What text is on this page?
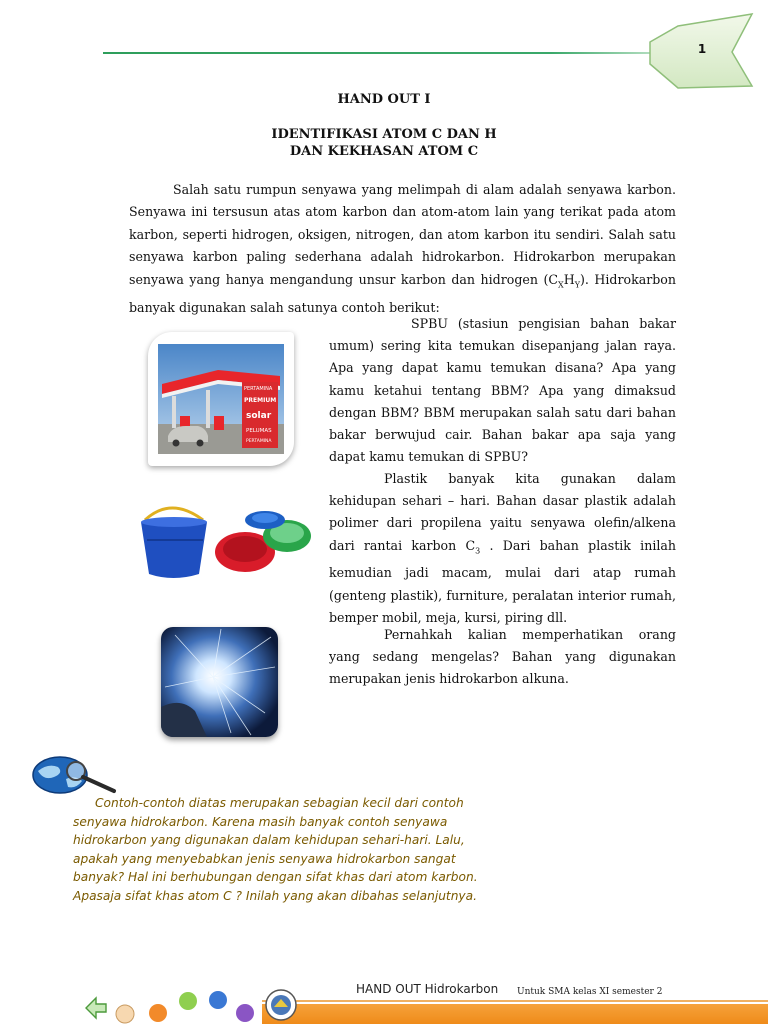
1
HAND OUT I
IDENTIFIKASI ATOM C DAN H
DAN KEKHASAN ATOM C

Salah satu rumpun senyawa yang melimpah di alam adalah senyawa karbon. Senyawa ini tersusun atas atom karbon dan atom-atom lain yang terikat pada atom karbon, seperti hidrogen, oksigen, nitrogen, dan atom karbon itu sendiri. Salah satu senyawa karbon paling sederhana adalah hidrokarbon. Hidrokarbon merupakan senyawa yang hanya mengandung unsur karbon dan hidrogen $(C_XH_Y)$. Hidrokarbon banyak digunakan salah satunya contoh berikut:

PERTAMINA
PREMIUM
solar
PELUMAS
PERTAMINA

SPBU (stasiun pengisian bahan bakar umum) sering kita temukan disepanjang jalan raya. Apa yang dapat kamu temukan disana? Apa yang kamu ketahui tentang BBM? Apa yang dimaksud dengan BBM? BBM merupakan salah satu dari bahan bakar berwujud cair. Bahan bakar apa saja yang dapat kamu temukan di SPBU?

Plastik banyak kita gunakan dalam kehidupan sehari – hari. Bahan dasar plastik adalah polimer dari propilena yaitu senyawa olefin/alkena dari rantai karbon $C_3$ . Dari bahan plastik inilah kemudian jadi macam, mulai dari atap rumah (genteng plastik), furniture, peralatan interior rumah, bemper mobil, meja, kursi, piring dll.

Pernahkah kalian memperhatikan orang yang sedang mengelas? Bahan yang digunakan merupakan jenis hidrokarbon alkuna.

Contoh-contoh diatas merupakan sebagian kecil dari contoh senyawa hidrokarbon. Karena masih banyak contoh senyawa hidrokarbon yang digunakan dalam kehidupan sehari-hari. Lalu, apakah yang menyebabkan jenis senyawa hidrokarbon sangat banyak? Hal ini berhubungan dengan sifat khas dari atom karbon. Apasaja sifat khas atom C ? Inilah yang akan dibahas selanjutnya.

HAND OUT Hidrokarbon Untuk SMA kelas XI semester 2
